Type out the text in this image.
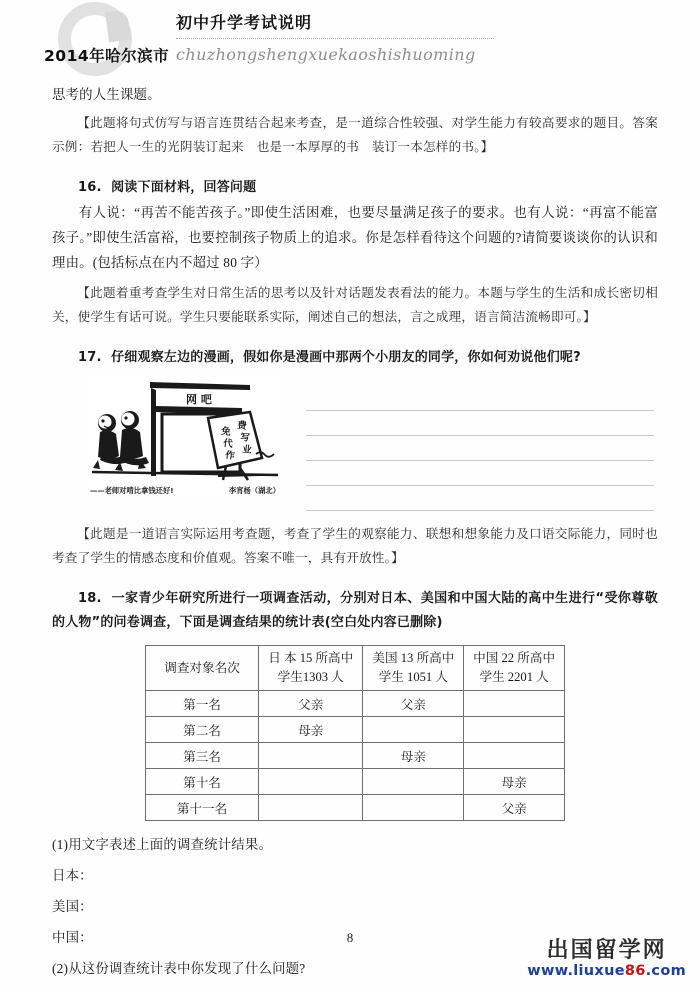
2014年哈尔滨市
初中升学考试说明
chuzhongshengxuekaoshishuoming

思考的人生课题。

【此题将句式仿写与语言连贯结合起来考查，是一道综合性较强、对学生能力有较高要求的题目。答案示例：若把人一生的光阴装订起来　也是一本厚厚的书　装订一本怎样的书。】

16. 阅读下面材料，回答问题

有人说：“再苦不能苦孩子。”即使生活困难，也要尽量满足孩子的要求。也有人说：“再富不能富孩子。”即使生活富裕，也要控制孩子物质上的追求。你是怎样看待这个问题的?请简要谈谈你的认识和理由。(包括标点在内不超过 80 字）

【此题着重考查学生对日常生活的思考以及针对话题发表看法的能力。本题与学生的生活和成长密切相关，使学生有话可说。学生只要能联系实际，阐述自己的想法，言之成理，语言简洁流畅即可。】

17. 仔细观察左边的漫画，假如你是漫画中那两个小朋友的同学，你如何劝说他们呢?

网 吧
免
代
作
费
写
业
——老师对啃比拿钱还好!	李宵杨（湖北）

【此题是一道语言实际运用考查题，考查了学生的观察能力、联想和想象能力及口语交际能力，同时也考查了学生的情感态度和价值观。答案不唯一，具有开放性。】

18. 一家青少年研究所进行一项调查活动，分别对日本、美国和中国大陆的高中生进行“受你尊敬的人物”的问卷调查，下面是调查结果的统计表(空白处内容已删除)

调查对象名次	日 本 15 所高中
学生1303 人	美国 13 所高中
学生 1051 人	中国 22 所高中
学生 2201 人
第一名	父亲	父亲	
第二名	母亲		
第三名		母亲	
第十名			母亲
第十一名			父亲

(1)用文字表述上面的调查统计结果。

日本：

美国：

中国：

(2)从这份调查统计表中你发现了什么问题?

8	出国留学网
www.liuxue86.com
